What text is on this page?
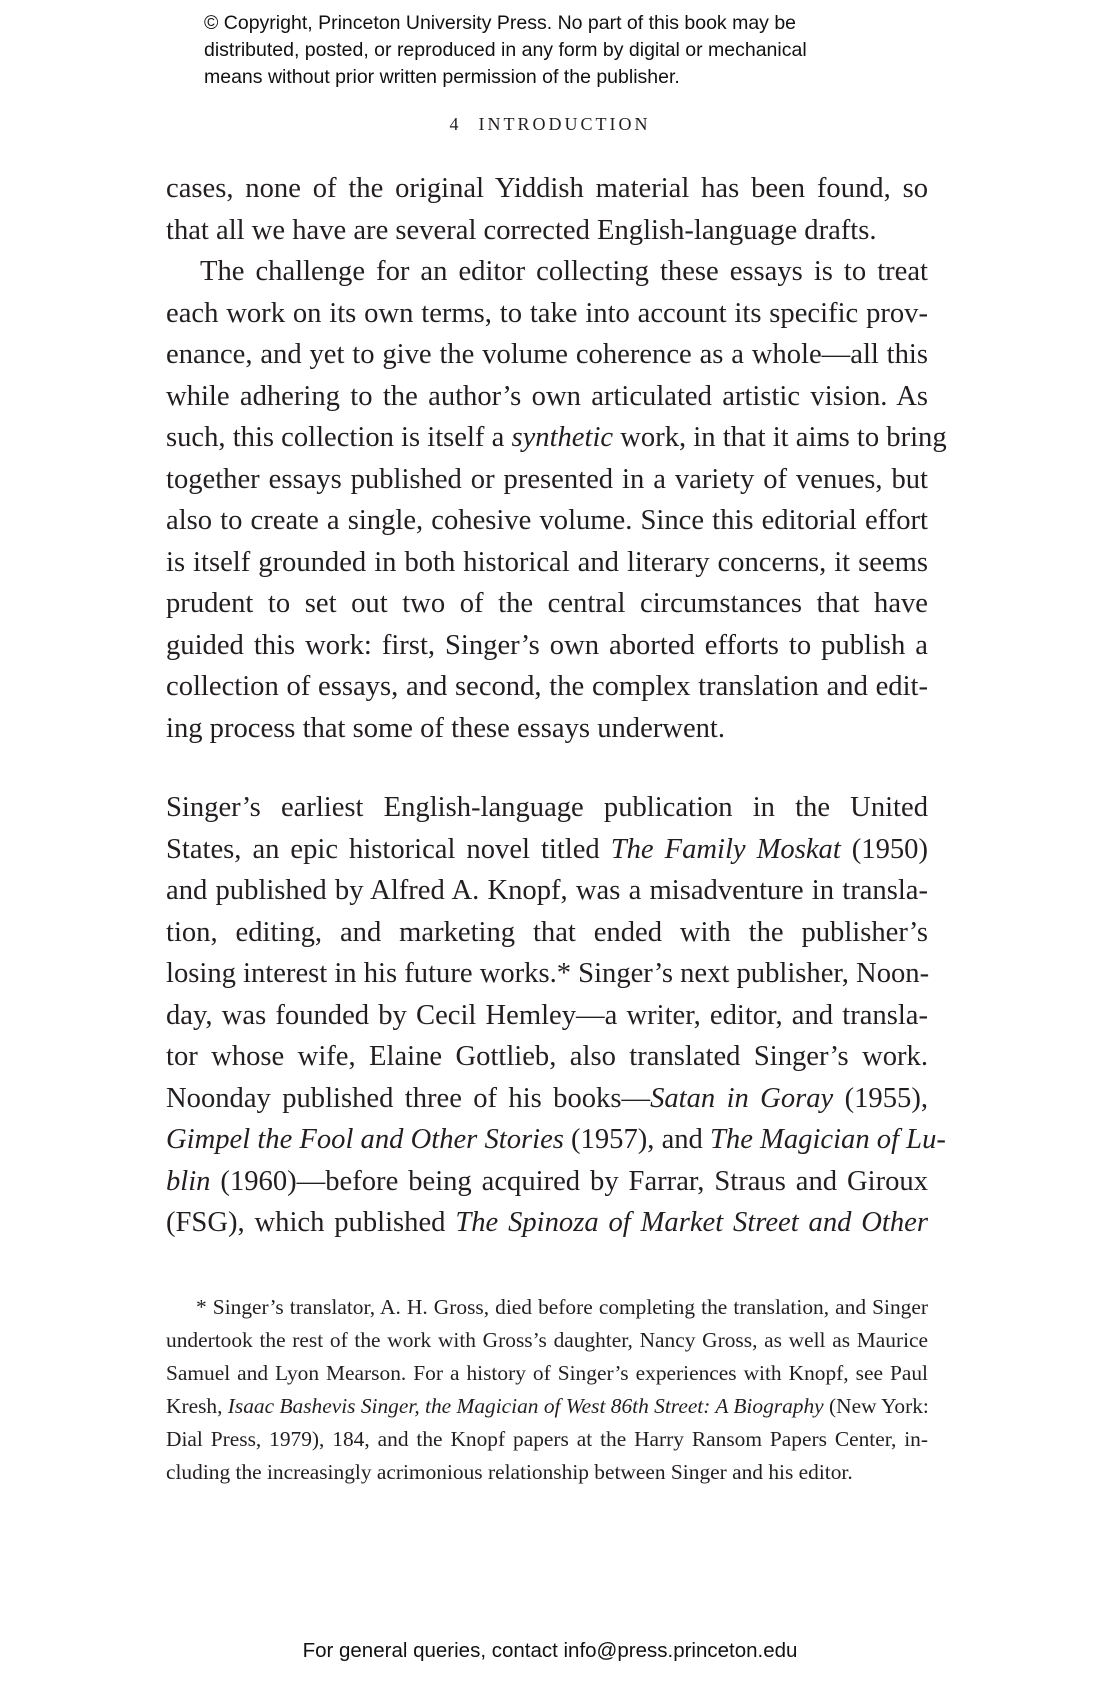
© Copyright, Princeton University Press. No part of this book may be
distributed, posted, or reproduced in any form by digital or mechanical
means without prior written permission of the publisher.
4 INTRODUCTION
cases, none of the original Yiddish material has been found, so
that all we have are several corrected English-language drafts.
The challenge for an editor collecting these essays is to treat
each work on its own terms, to take into account its specific prov-
enance, and yet to give the volume coherence as a whole—all this
while adhering to the author’s own articulated artistic vision. As
such, this collection is itself a synthetic work, in that it aims to bring
together essays published or presented in a variety of venues, but
also to create a single, cohesive volume. Since this editorial effort
is itself grounded in both historical and literary concerns, it seems
prudent to set out two of the central circumstances that have
guided this work: first, Singer’s own aborted efforts to publish a
collection of essays, and second, the complex translation and edit-
ing process that some of these essays underwent.
Singer’s earliest English-language publication in the United
States, an epic historical novel titled The Family Moskat (1950)
and published by Alfred A. Knopf, was a misadventure in transla-
tion, editing, and marketing that ended with the publisher’s
losing interest in his future works.* Singer’s next publisher, Noon-
day, was founded by Cecil Hemley—a writer, editor, and transla-
tor whose wife, Elaine Gottlieb, also translated Singer’s work.
Noonday published three of his books—Satan in Goray (1955),
Gimpel the Fool and Other Stories (1957), and The Magician of Lu-
blin (1960)—before being acquired by Farrar, Straus and Giroux
(FSG), which published The Spinoza of Market Street and Other
* Singer’s translator, A. H. Gross, died before completing the translation, and Singer
undertook the rest of the work with Gross’s daughter, Nancy Gross, as well as Maurice
Samuel and Lyon Mearson. For a history of Singer’s experiences with Knopf, see Paul
Kresh, Isaac Bashevis Singer, the Magician of West 86th Street: A Biography (New York:
Dial Press, 1979), 184, and the Knopf papers at the Harry Ransom Papers Center, in-
cluding the increasingly acrimonious relationship between Singer and his editor.
For general queries, contact info@press.princeton.edu
